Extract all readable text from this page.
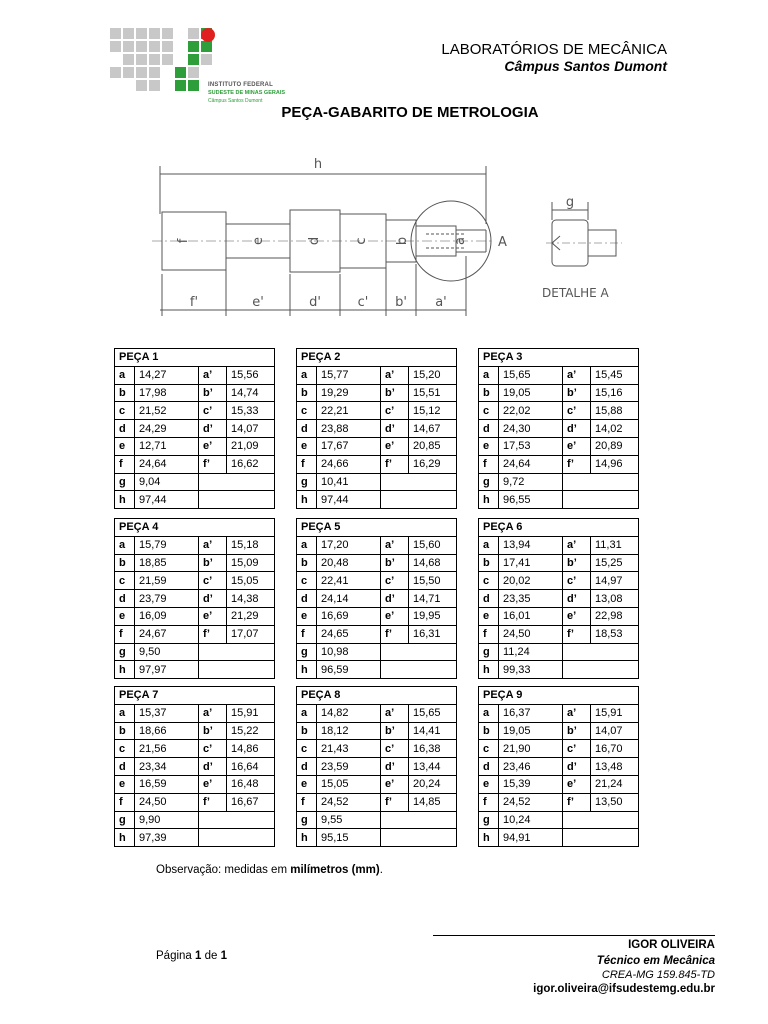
INSTITUTO FEDERAL
SUDESTE DE MINAS GERAIS
Câmpus Santos Dumont
LABORATÓRIOS DE MECÂNICA
Câmpus Santos Dumont
PEÇA-GABARITO DE METROLOGIA
h
f	e	d c b	a
f'	e'	d'	c' b' a'
g
A
DETALHE A
PEÇA 1			
a	14,27	a’	15,56
b	17,98	b’	14,74
c	21,52	c’	15,33
d	24,29	d’	14,07
e	12,71	e’	21,09
f	24,64	f’	16,62
g	9,04		
h	97,44		
PEÇA 2			
a	15,77	a’	15,20
b	19,29	b’	15,51
c	22,21	c’	15,12
d	23,88	d’	14,67
e	17,67	e’	20,85
f	24,66	f’	16,29
g	10,41		
h	97,44		
PEÇA 3			
a	15,65	a’	15,45
b	19,05	b’	15,16
c	22,02	c’	15,88
d	24,30	d’	14,02
e	17,53	e’	20,89
f	24,64	f’	14,96
g	9,72		
h	96,55		
PEÇA 4			
a	15,79	a’	15,18
b	18,85	b’	15,09
c	21,59	c’	15,05
d	23,79	d’	14,38
e	16,09	e’	21,29
f	24,67	f’	17,07
g	9,50		
h	97,97		
PEÇA 5			
a	17,20	a’	15,60
b	20,48	b’	14,68
c	22,41	c’	15,50
d	24,14	d’	14,71
e	16,69	e’	19,95
f	24,65	f’	16,31
g	10,98		
h	96,59		
PEÇA 6			
a	13,94	a’	11,31
b	17,41	b’	15,25
c	20,02	c’	14,97
d	23,35	d’	13,08
e	16,01	e’	22,98
f	24,50	f’	18,53
g	11,24		
h	99,33		
PEÇA 7			
a	15,37	a’	15,91
b	18,66	b’	15,22
c	21,56	c’	14,86
d	23,34	d’	16,64
e	16,59	e’	16,48
f	24,50	f’	16,67
g	9,90		
h	97,39		
PEÇA 8			
a	14,82	a’	15,65
b	18,12	b’	14,41
c	21,43	c’	16,38
d	23,59	d’	13,44
e	15,05	e’	20,24
f	24,52	f’	14,85
g	9,55		
h	95,15		
PEÇA 9			
a	16,37	a’	15,91
b	19,05	b’	14,07
c	21,90	c’	16,70
d	23,46	d’	13,48
e	15,39	e’	21,24
f	24,52	f’	13,50
g	10,24		
h	94,91		
Observação: medidas em milímetros (mm).
Página 1 de 1
IGOR OLIVEIRA
Técnico em Mecânica
CREA-MG 159.845-TD
igor.oliveira@ifsudestemg.edu.br
